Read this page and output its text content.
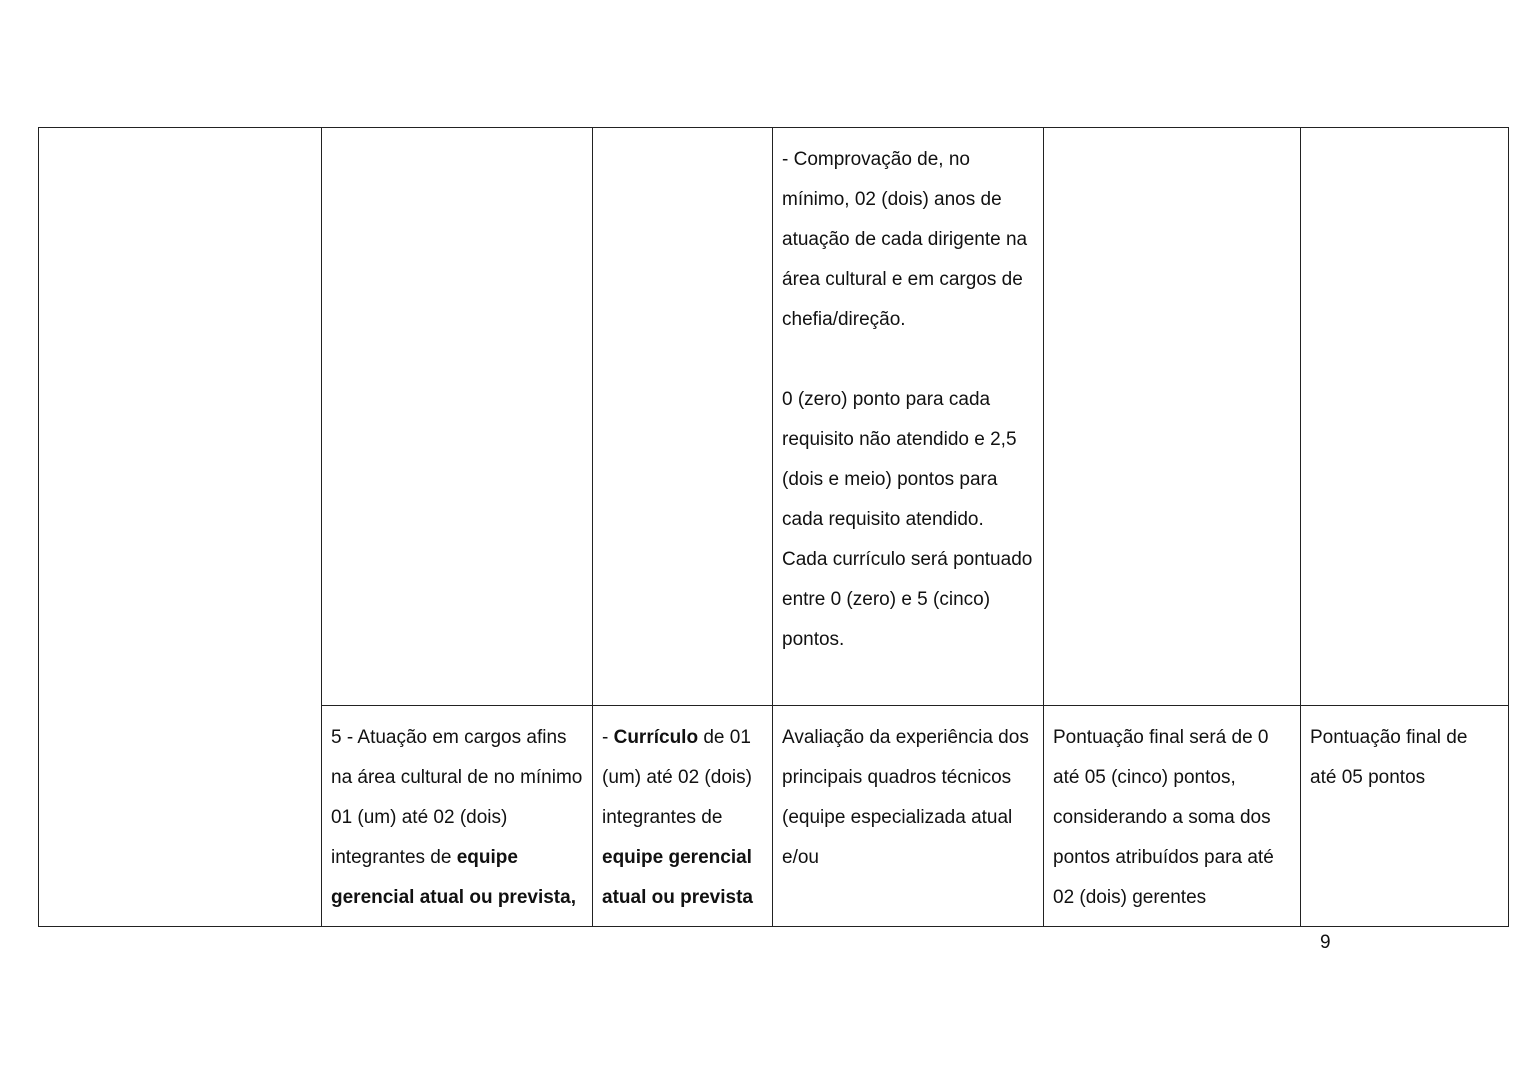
			- Comprovação de, no mínimo, 02 (dois) anos de atuação de cada dirigente na área cultural e em cargos de chefia/direção.
0 (zero) ponto para cada requisito não atendido e 2,5 (dois e meio) pontos para cada requisito atendido.
Cada currículo será pontuado entre 0 (zero) e 5 (cinco) pontos.		

	5 - Atuação em cargos afins na área cultural de no mínimo 01 (um) até 02 (dois) integrantes de equipe gerencial atual ou prevista,	- Currículo de 01 (um) até 02 (dois) integrantes de equipe gerencial atual ou prevista	Avaliação da experiência dos principais quadros técnicos (equipe especializada atual e/ou	Pontuação final será de 0 até 05 (cinco) pontos, considerando a soma dos pontos atribuídos para até 02 (dois) gerentes	Pontuação final de até 05 pontos
9
